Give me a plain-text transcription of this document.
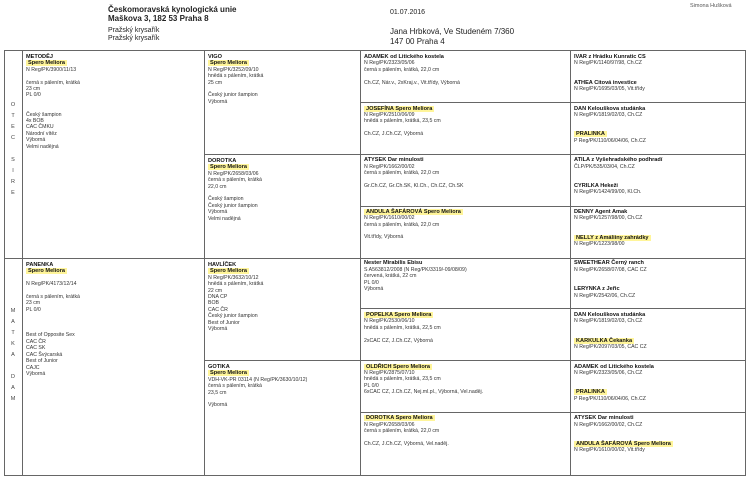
Českomoravská kynologická unie
Maškova 3, 182 53 Praha 8
Pražský krysařík
Pražský krysařík
01.07.2016
Jana Hrbková, Ve Studeném 7/360
147 00 Praha 4
Simona Hušková
O
T
E
C

S
I
R
E
M
A
T
K
A

D
A
M
METODĚJ
Spero Meliora
N Reg/PK/3900/11/13

černá s pálením, krátká
23 cm
PL 0/0

Český šampion
4x BOB
CAC ČMKU
Národní vítěz
Výborná
Velmi nadějná
PANENKA
Spero Meliora

N Reg/PK/4173/12/14

černá s pálením, krátká
23 cm
PL 0/0

Best of Opposite Sex
CAC ČR
CAC SK
CAC Švýcarská
Best of Junior
CAJC
Výborná
VIGO
Spero Meliora
N Reg/PK/3252/09/10
hnědá s pálením, krátká
25 cm

Český junior šampion
Výborná
DOROTKA
Spero Meliora
N Reg/PK/2658/03/06
černá s pálením, krátká
22,0 cm

Český šampion
Český junior šampion
Výborná
Velmi nadějná
HAVLÍČEK
Spero Meliora
N Reg/PK/3632/10/12
hnědá s pálením, krátká
22 cm
DNA CP
BOB
CAC ČR
Český junior šampion
Best of Junior
Výborná
GOTIKA
Spero Meliora
VDH-VK-PR 03114 (N Reg/PK/3630/10/12)
černá s pálením, krátká
23,5 cm

Výborná
ADAMEK od Litického kostela
N Reg/PK/2323/05/06
černá s pálením, krátká, 22,0 cm

Ch.CZ, Nár.v., 2xKraj.v., Vit.třídy, Výborná
JOSEFÍNA Spero Meliora
N Reg/PK/2510/06/09
hnědá s pálením, krátká, 23,5 cm

Ch.CZ, J.Ch.CZ, Výborná
ATYSEK Dar minulosti
N Reg/PK/1662/00/02
černá s pálením, krátká, 22,0 cm

Gr.Ch.CZ, Gr.Ch.SK, Kl.Ch., Ch.CZ, Ch.SK
ANDULA ŠAFÁROVÁ Spero Meliora
N Reg/PK/1610/00/02
černá s pálením, krátká, 22,0 cm

Vit.třídy, Výborná
Nester Mirabilis Ebisu
S A563812/2008 (N Reg/PK/3319/-09/08/09)
červená, krátká, 22 cm
PL 0/0
Výborná
POPELKA Spero Meliora
N Reg/PK/2530/06/10
hnědá s pálením, krátká, 22,5 cm

2xCAC CZ, J.Ch.CZ, Výborná
OLDŘICH Spero Meliora
N Reg/PK/2875/07/10
hnědá s pálením, krátká, 23,5 cm
PL 0/0
6xCAC CZ, J.Ch.CZ, Nej.ml.pl., Výborná, Vel.naděj.
DOROTKA Spero Meliora
N Reg/PK/2658/03/06
černá s pálením, krátká, 22,0 cm

Ch.CZ, J.Ch.CZ, Výborná, Vel.naděj.
IVAR z Hrádku Kunratic CS
N Reg/PK/1140/97/98, Ch.CZ
ATHEA Citová investice
N Reg/PK/1695/03/05, Vit.třídy
DAN Kelouškova studánka
N Reg/PK/1819/02/03, Ch.CZ
PRALINKA
P Reg/PK/110/06/04/06, Ch.CZ
ATILA z Vyšehradského podhradí
ČLP/PK/535/03/04, Ch.CZ
CYRILKA Hekeži
N Reg/PK/1424/99/00, Kl.Ch.
DENNY Agent Amak
N Reg/PK/1257/98/00, Ch.CZ
NELLY z Amáliiny zahrádky
N Reg/PK/1223/98/00
SWEETHEAR Černý ranch
N Reg/PK/2658/07/08, CAC CZ
LERYNKA z Jeřic
N Reg/PK/2542/06, Ch.CZ
DAN Kelouškova studánka
N Reg/PK/1819/02/03, Ch.CZ
KARKULKA Čekanka
N Reg/PK/2097/03/05, CAC CZ
ADAMEK od Litického kostela
N Reg/PK/2323/05/06, Ch.CZ
PRALINKA
P Reg/PK/110/06/04/06, Ch.CZ
ATYSEK Dar minulosti
N Reg/PK/1662/00/02, Ch.CZ
ANDULA ŠAFÁROVÁ Spero Meliora
N Reg/PK/1610/00/02, Vit.třídy
